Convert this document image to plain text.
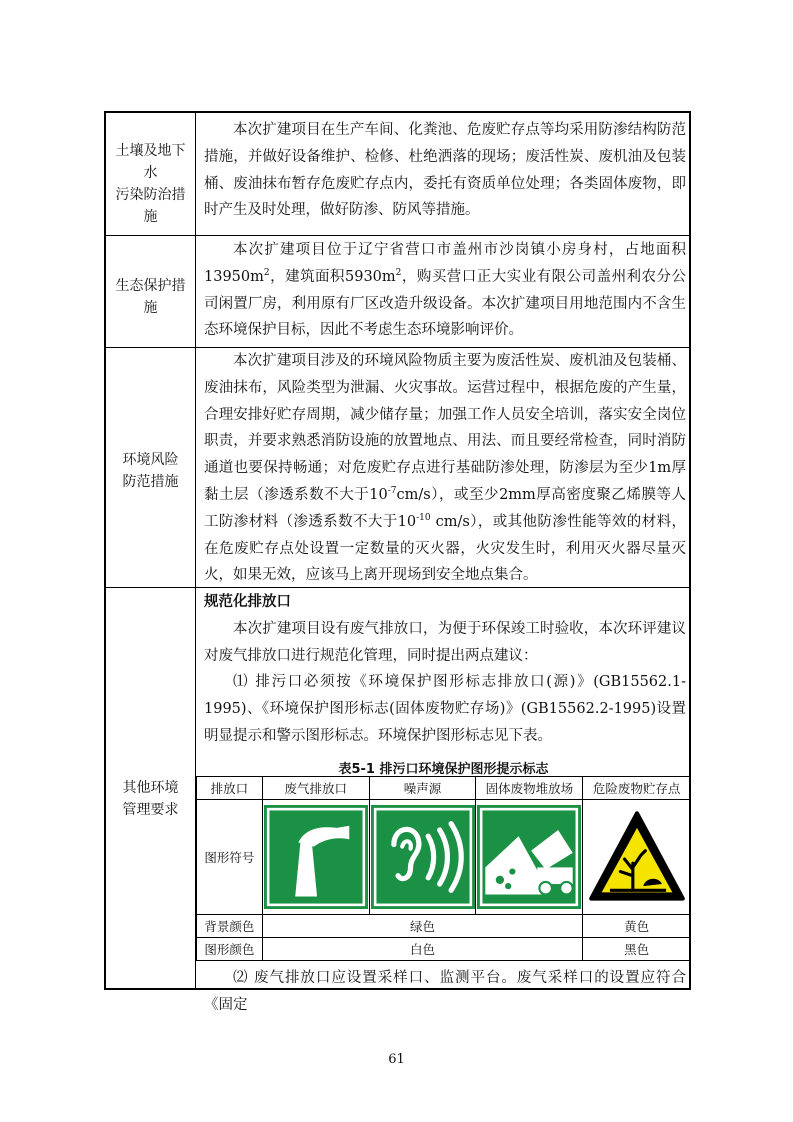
土壤及地下
水
污染防治措
施

本次扩建项目在生产车间、化粪池、危废贮存点等均采用防渗结构防范措施，并做好设备维护、检修、杜绝洒落的现场；废活性炭、废机油及包装桶、废油抹布暂存危废贮存点内，委托有资质单位处理；各类固体废物，即时产生及时处理，做好防渗、防风等措施。

生态保护措
施

本次扩建项目位于辽宁省营口市盖州市沙岗镇小房身村，占地面积$13950m^2$，建筑面积$5930m^2$，购买营口正大实业有限公司盖州利农分公司闲置厂房，利用原有厂区改造升级设备。本次扩建项目用地范围内不含生态环境保护目标，因此不考虑生态环境影响评价。

环境风险
防范措施

本次扩建项目涉及的环境风险物质主要为废活性炭、废机油及包装桶、废油抹布，风险类型为泄漏、火灾事故。运营过程中，根据危废的产生量，合理安排好贮存周期，减少储存量；加强工作人员安全培训，落实安全岗位职责，并要求熟悉消防设施的放置地点、用法、而且要经常检查，同时消防通道也要保持畅通；对危废贮存点进行基础防渗处理，防渗层为至少1m厚黏土层（渗透系数不大于$10^{-7}cm/s$），或至少2mm厚高密度聚乙烯膜等人工防渗材料（渗透系数不大于$10^{-10}$ cm/s），或其他防渗性能等效的材料，在危废贮存点处设置一定数量的灭火器，火灾发生时，利用灭火器尽量灭火，如果无效，应该马上离开现场到安全地点集合。

其他环境
管理要求

规范化排放口

本次扩建项目设有废气排放口，为便于环保竣工时验收，本次环评建议对废气排放口进行规范化管理，同时提出两点建议：

⑴ 排污口必须按《环境保护图形标志排放口(源)》(GB15562.1-1995)、《环境保护图形标志(固体废物贮存场)》(GB15562.2-1995)设置明显提示和警示图形标志。环境保护图形标志见下表。

表5-1 排污口环境保护图形提示标志
排放口	废气排放口	噪声源	固体废物堆放场	危险废物贮存点
图形符号	

背景颜色	绿色			黄色
图形颜色	白色			黑色

⑵ 废气排放口应设置采样口、监测平台。废气采样口的设置应符合《固定

61
